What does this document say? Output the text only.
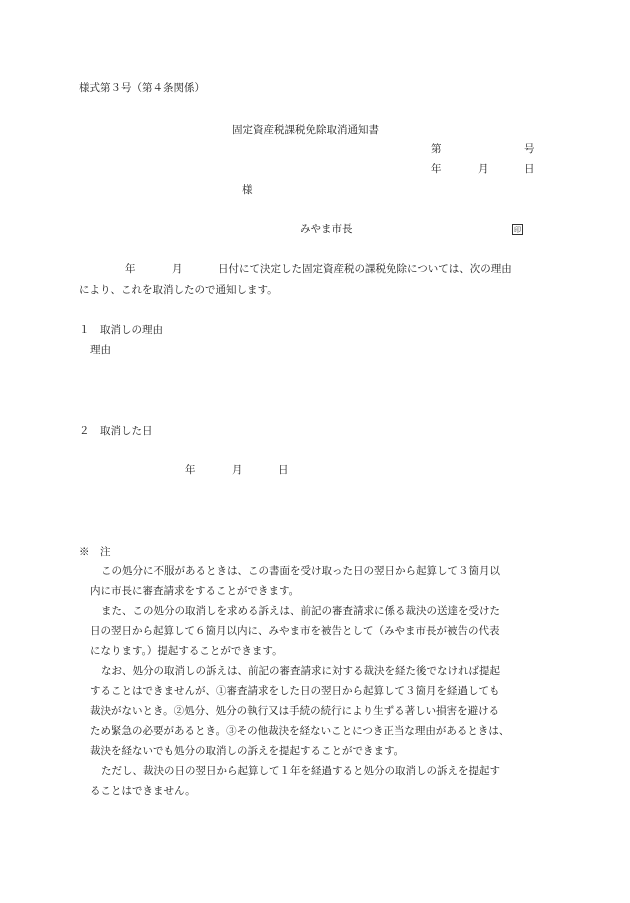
様式第３号（第４条関係）
固定資産税課税免除取消通知書
第	号
年	月	日
様
みやま市長	印
年	月	日付にて決定した固定資産税の課税免除については、次の理由
により、これを取消したので通知します。
１　取消しの理由
理由
２　取消した日
年	月	日
※　注
この処分に不服があるときは、この書面を受け取った日の翌日から起算して３箇月以
内に市長に審査請求をすることができます。
また、この処分の取消しを求める訴えは、前記の審査請求に係る裁決の送達を受けた
日の翌日から起算して６箇月以内に、みやま市を被告として（みやま市長が被告の代表
になります。）提起することができます。
なお、処分の取消しの訴えは、前記の審査請求に対する裁決を経た後でなければ提起
することはできませんが、①審査請求をした日の翌日から起算して３箇月を経過しても
裁決がないとき。②処分、処分の執行又は手続の続行により生ずる著しい損害を避ける
ため緊急の必要があるとき。③その他裁決を経ないことにつき正当な理由があるときは、
裁決を経ないでも処分の取消しの訴えを提起することができます。
ただし、裁決の日の翌日から起算して１年を経過すると処分の取消しの訴えを提起す
ることはできません。
